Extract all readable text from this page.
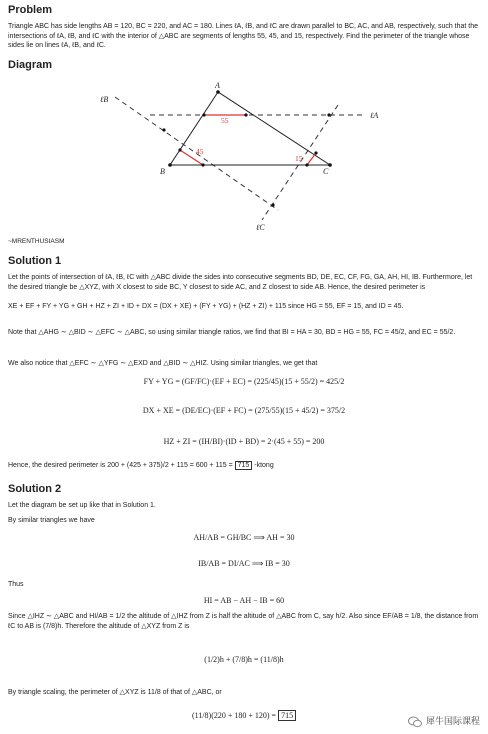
Problem
Triangle ABC has side lengths AB = 120, BC = 220, and AC = 180. Lines ℓA, ℓB, and ℓC are drawn parallel to BC, AC, and AB, respectively, such that the intersections of ℓA, ℓB, and ℓC with the interior of △ABC are segments of lengths 55, 45, and 15, respectively. Find the perimeter of the triangle whose sides lie on lines ℓA, ℓB, and ℓC.
Diagram
ℓB
ℓA
ℓC
A
B	C
55
45
15
~MRENTHUSIASM
Solution 1
Let the points of intersection of ℓA, ℓB, ℓC with △ABC divide the sides into consecutive segments BD, DE, EC, CF, FG, GA, AH, HI, IB. Furthermore, let the desired triangle be △XYZ, with X closest to side BC, Y closest to side AC, and Z closest to side AB. Hence, the desired perimeter is
XE + EF + FY + YG + GH + HZ + ZI + ID + DX = (DX + XE) + (FY + YG) + (HZ + ZI) + 115 since HG = 55, EF = 15, and ID = 45.
Note that △AHG ∼ △BID ∼ △EFC ∼ △ABC, so using similar triangle ratios, we find that BI = HA = 30, BD = HG = 55, FC = 45/2, and EC = 55/2.
We also notice that △EFC ∼ △YFG ∼ △EXD and △BID ∼ △HIZ. Using similar triangles, we get that
FY + YG = (GF/FC)·(EF + EC) = (225/45)(15 + 55/2) = 425/2
DX + XE = (DE/EC)·(EF + FC) = (275/55)(15 + 45/2) = 375/2
HZ + ZI = (IH/BI)·(ID + BD) = 2·(45 + 55) = 200
Hence, the desired perimeter is 200 + (425 + 375)/2 + 115 = 600 + 115 = 715 -ktong
Solution 2
Let the diagram be set up like that in Solution 1.
By similar triangles we have
AH/AB = GH/BC ⟹ AH = 30
IB/AB = DI/AC ⟹ IB = 30
Thus
HI = AB − AH − IB = 60
Since △IHZ ∼ △ABC and HI/AB = 1/2 the altitude of △IHZ from Z is half the altitude of △ABC from C, say h/2. Also since EF/AB = 1/8, the distance from ℓC to AB is (7/8)h. Therefore the altitude of △XYZ from Z is
(1/2)h + (7/8)h = (11/8)h
By triangle scaling, the perimeter of △XYZ is 11/8 of that of △ABC, or
(11/8)(220 + 180 + 120) = 715
犀牛国际课程
